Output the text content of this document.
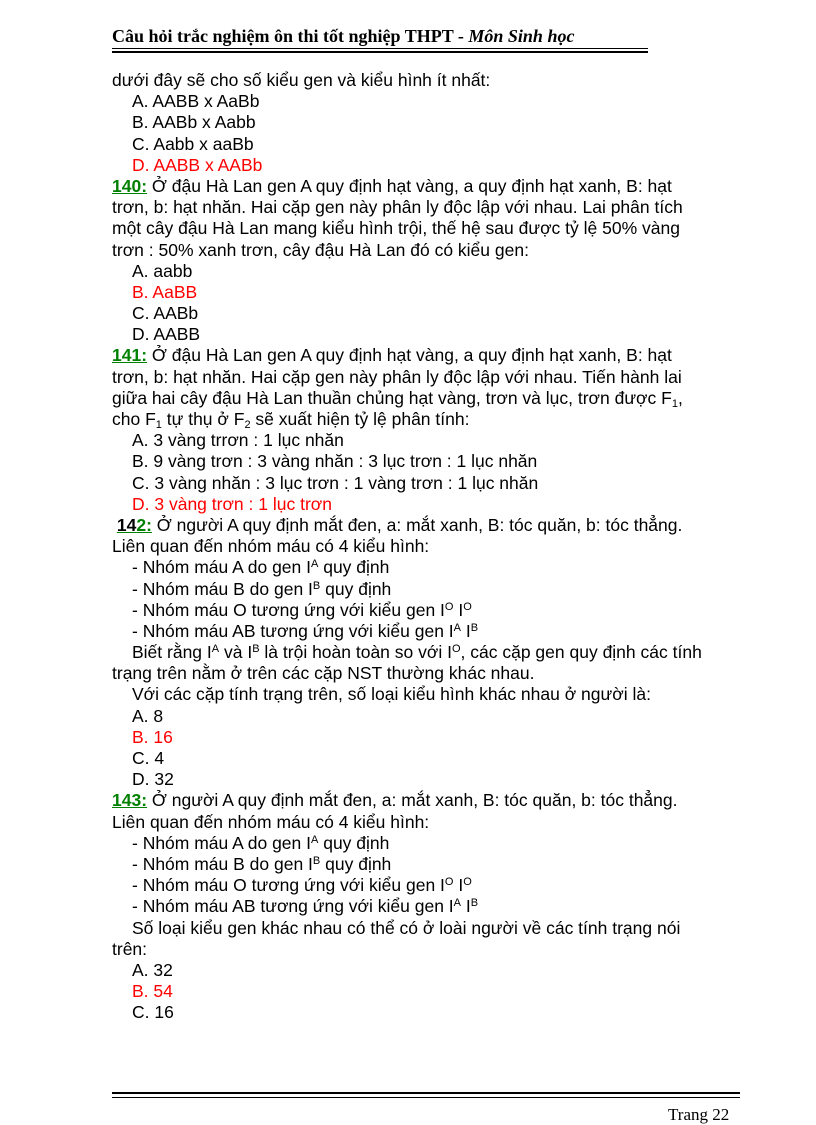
Câu hỏi trắc nghiệm ôn thi tốt nghiệp THPT - Môn Sinh học
dưới đây sẽ cho số kiểu gen và kiểu hình ít nhất:
A. AABB x AaBb
B. AABb x Aabb
C. Aabb x aaBb
D. AABB x AABb
140: Ở đậu Hà Lan gen A quy định hạt vàng, a quy định hạt xanh, B: hạt
trơn, b: hạt nhăn. Hai cặp gen này phân ly độc lập với nhau. Lai phân tích
một cây đậu Hà Lan mang kiểu hình trội, thế hệ sau được tỷ lệ 50% vàng
trơn : 50% xanh trơn, cây đậu Hà Lan đó có kiểu gen:
A. aabb
B. AaBB
C. AABb
D. AABB
141: Ở đậu Hà Lan gen A quy định hạt vàng, a quy định hạt xanh, B: hạt
trơn, b: hạt nhăn. Hai cặp gen này phân ly độc lập với nhau. Tiến hành lai
giữa hai cây đậu Hà Lan thuần chủng hạt vàng, trơn và lục, trơn được $F_1$,
cho $F_1$ tự thụ ở $F_2$ sẽ xuất hiện tỷ lệ phân tính:
A. 3 vàng trrơn : 1 lục nhăn
B. 9 vàng trơn : 3 vàng nhăn : 3 lục trơn : 1 lục nhăn
C. 3 vàng nhăn : 3 lục trơn : 1 vàng trơn : 1 lục nhăn
D. 3 vàng trơn : 1 lục trơn
142: Ở người A quy định mắt đen, a: mắt xanh, B: tóc quăn, b: tóc thẳng.
Liên quan đến nhóm máu có 4 kiểu hình:
- Nhóm máu A do gen $I^A$ quy định
- Nhóm máu B do gen $I^B$ quy định
- Nhóm máu O tương ứng với kiểu gen $I^O$ $I^O$
- Nhóm máu AB tương ứng với kiểu gen $I^A$ $I^B$
Biết rằng $I^A$ và $I^B$ là trội hoàn toàn so với $I^O$, các cặp gen quy định các tính
trạng trên nằm ở trên các cặp NST thường khác nhau.
Với các cặp tính trạng trên, số loại kiểu hình khác nhau ở người là:
A. 8
B. 16
C. 4
D. 32
143: Ở người A quy định mắt đen, a: mắt xanh, B: tóc quăn, b: tóc thẳng.
Liên quan đến nhóm máu có 4 kiểu hình:
- Nhóm máu A do gen $I^A$ quy định
- Nhóm máu B do gen $I^B$ quy định
- Nhóm máu O tương ứng với kiểu gen $I^O$ $I^O$
- Nhóm máu AB tương ứng với kiểu gen $I^A$ $I^B$
Số loại kiểu gen khác nhau có thể có ở loài người về các tính trạng nói
trên:
A. 32
B. 54
C. 16
Trang 22
